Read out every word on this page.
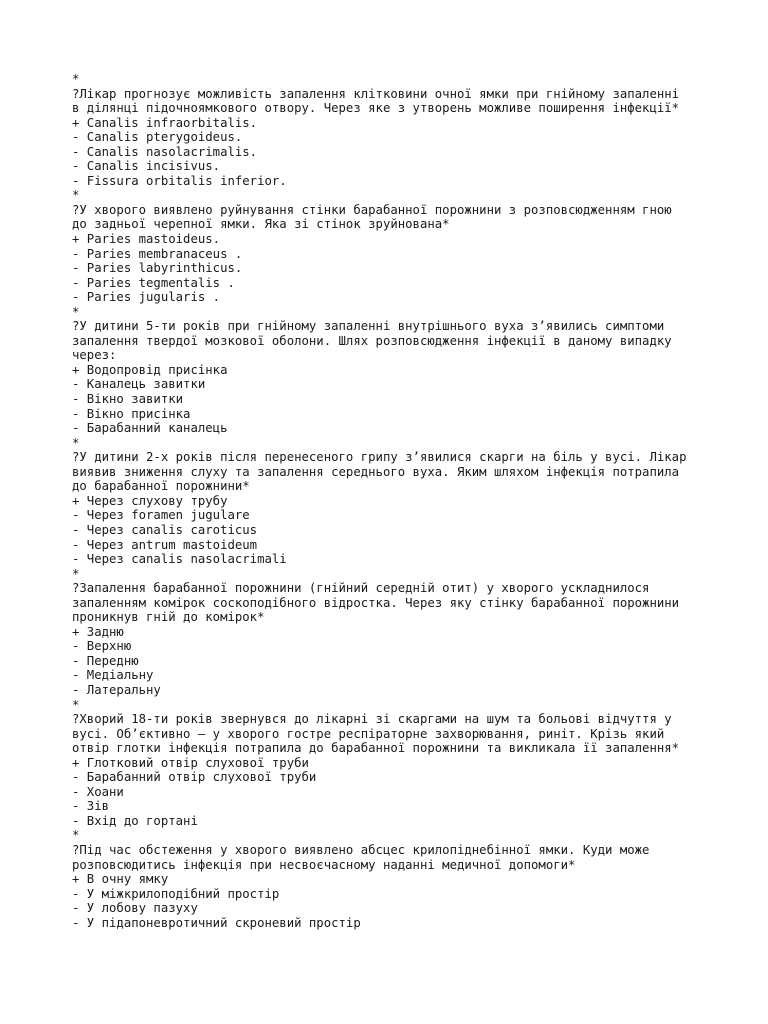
*
?Лікар прогнозує можливість запалення клітковини очної ямки при гнійному запаленні
в ділянці підочноямкового отвору. Через яке з утворень можливе поширення інфекції*
+ Canalis infraorbitalis.
- Canalis pterygoideus.
- Canalis nasolacrimalis.
- Canalis incisivus.
- Fissura orbitalis inferior.
*
?У хворого виявлено руйнування стінки барабанної порожнини з розповсюдженням гною
до задньої черепної ямки. Яка зі стінок зруйнована*
+ Paries mastoideus.
- Paries membranaceus .
- Paries labyrinthicus.
- Paries tegmentalis .
- Paries jugularis .
*
?У дитини 5-ти років при гнійному запаленні внутрішнього вуха з’явились симптоми
запалення твердої мозкової оболони. Шлях розповсюдження інфекції в даному випадку
через:
+ Водопровід присінка
- Каналець завитки
- Вікно завитки
- Вікно присінка
- Барабанний каналець
*
?У дитини 2-х років після перенесеного грипу з’явилися скарги на біль у вусі. Лікар
виявив зниження слуху та запалення середнього вуха. Яким шляхом інфекція потрапила
до барабанної порожнини*
+ Через слухову трубу
- Через foramen jugulare
- Через canalis caroticus
- Через antrum mastoideum
- Через canalis nasolacrimali
*
?Запалення барабанної порожнини (гнійний середній отит) у хворого ускладнилося
запаленням комірок соскоподібного відростка. Через яку стінку барабанної порожнини
проникнув гній до комірок*
+ Задню
- Верхню
- Передню
- Медіальну
- Латеральну
*
?Хворий 18-ти років звернувся до лікарні зі скаргами на шум та больові відчуття у
вусі. Об’єктивно – у хворого гостре респіраторне захворювання, риніт. Крізь який
отвір глотки інфекція потрапила до барабанної порожнини та викликала її запалення*
+ Глотковий отвір слухової труби
- Барабанний отвір слухової труби
- Хоани
- Зів
- Вхід до гортані
*
?Під час обстеження у хворого виявлено абсцес крилопіднебінної ямки. Куди може
розповсюдитись інфекція при несвоєчасному наданні медичної допомоги*
+ В очну ямку
- У міжкрилоподібний простір
- У лобову пазуху
- У підапоневротичний скроневий простір
